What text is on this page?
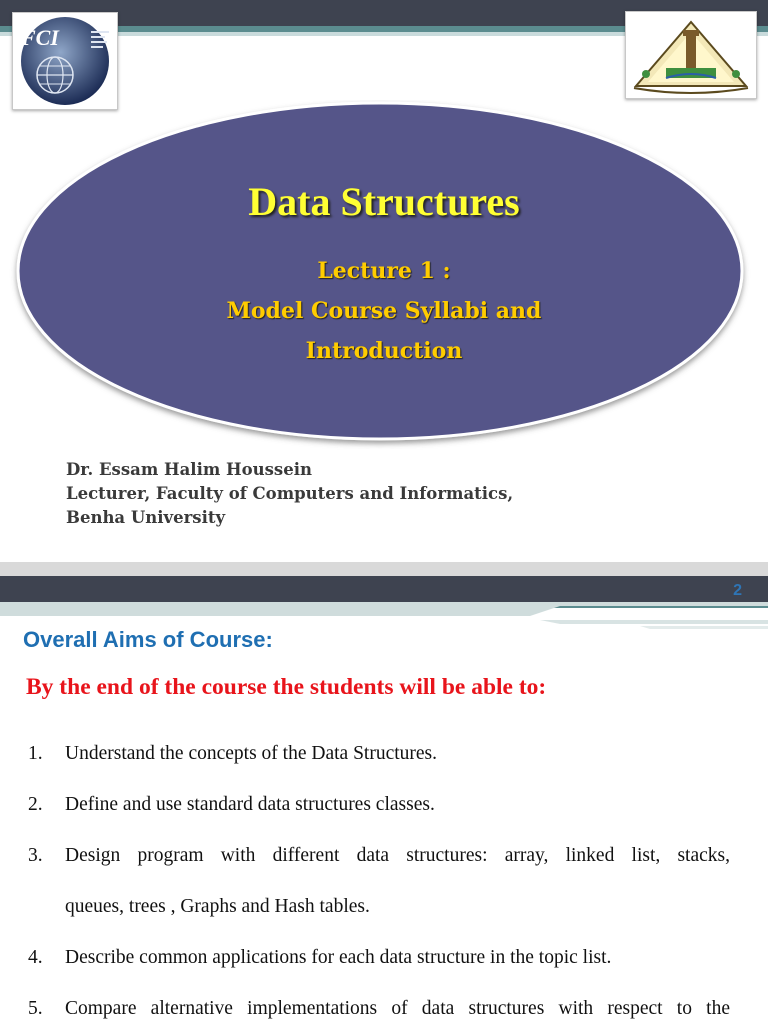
FCI
Data Structures
Lecture 1 :
Model Course Syllabi and
Introduction
Dr. Essam Halim Houssein
Lecturer, Faculty of Computers and Informatics,
Benha University
2
Overall Aims of Course:
By the end of the course the students will be able to:
1. Understand the concepts of the Data Structures.
2. Define and use standard data structures classes.
3. Design program with different data structures: array, linked list, stacks,
queues, trees , Graphs and Hash tables.
4. Describe common applications for each data structure in the topic list.
5. Compare alternative implementations of data structures with respect to the
